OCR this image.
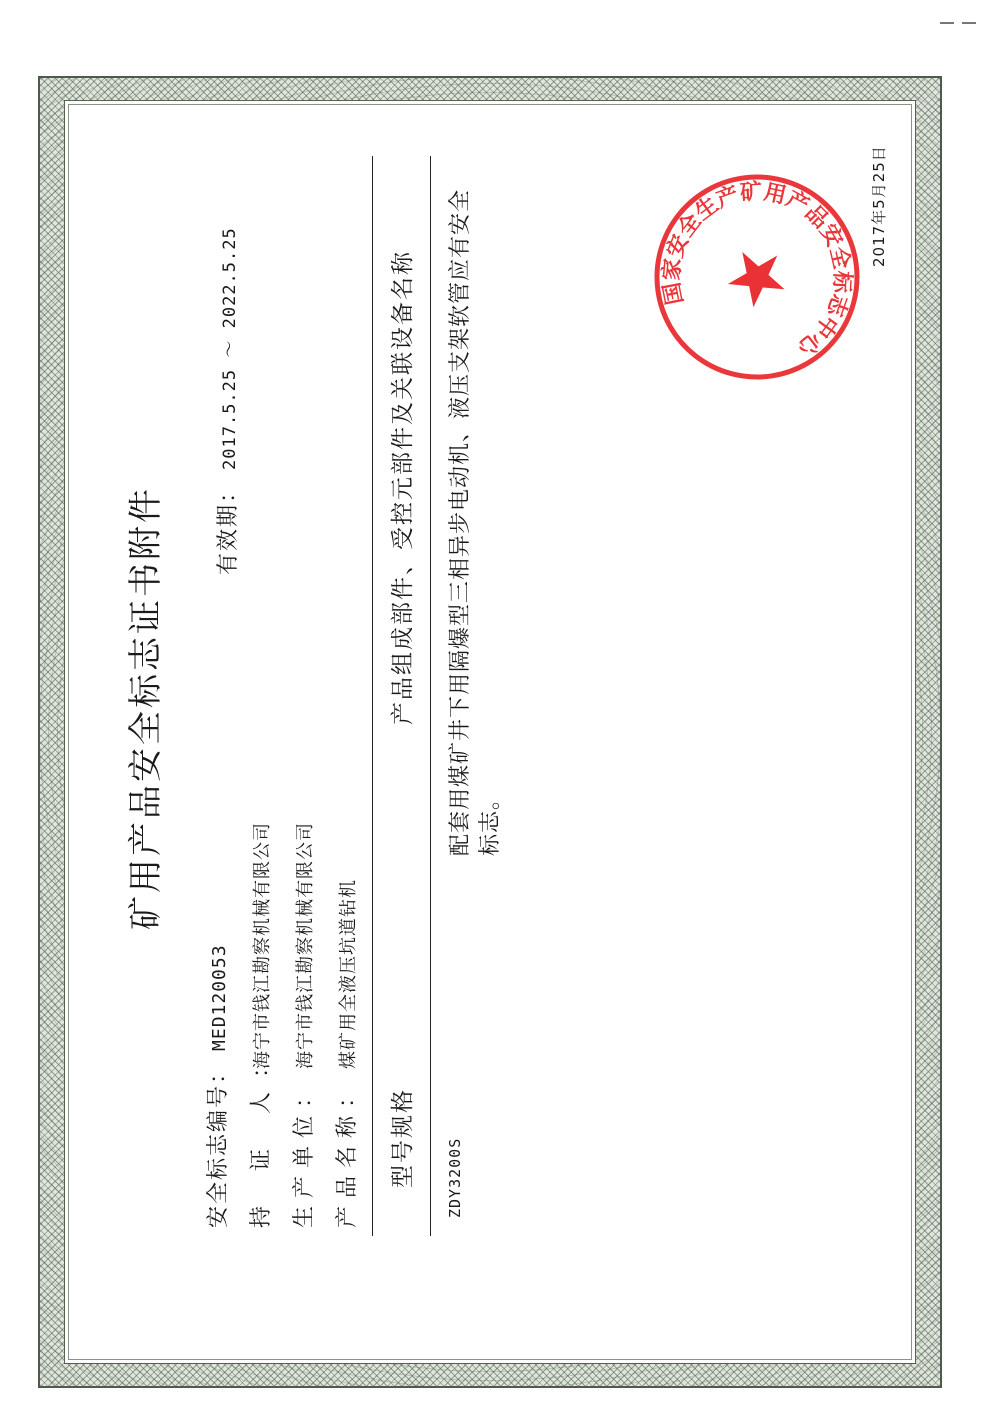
矿用产品安全标志证书附件 有效期： 2017.5.25 ～ 2022.5.25
安全标志编号： MED120053
持 证 人： 海宁市钱江勘察机械有限公司
生产单位： 海宁市钱江勘察机械有限公司
产品名称： 煤矿用全液压坑道钻机
型号规格
产品组成部件、受控元部件及关联设备名称
ZDY3200S
配套用煤矿井下用隔爆型三相异步电动机、液压支架软管应有安全 标志。
2017年5月25日
国家安全生产矿用产品安全标志中心
